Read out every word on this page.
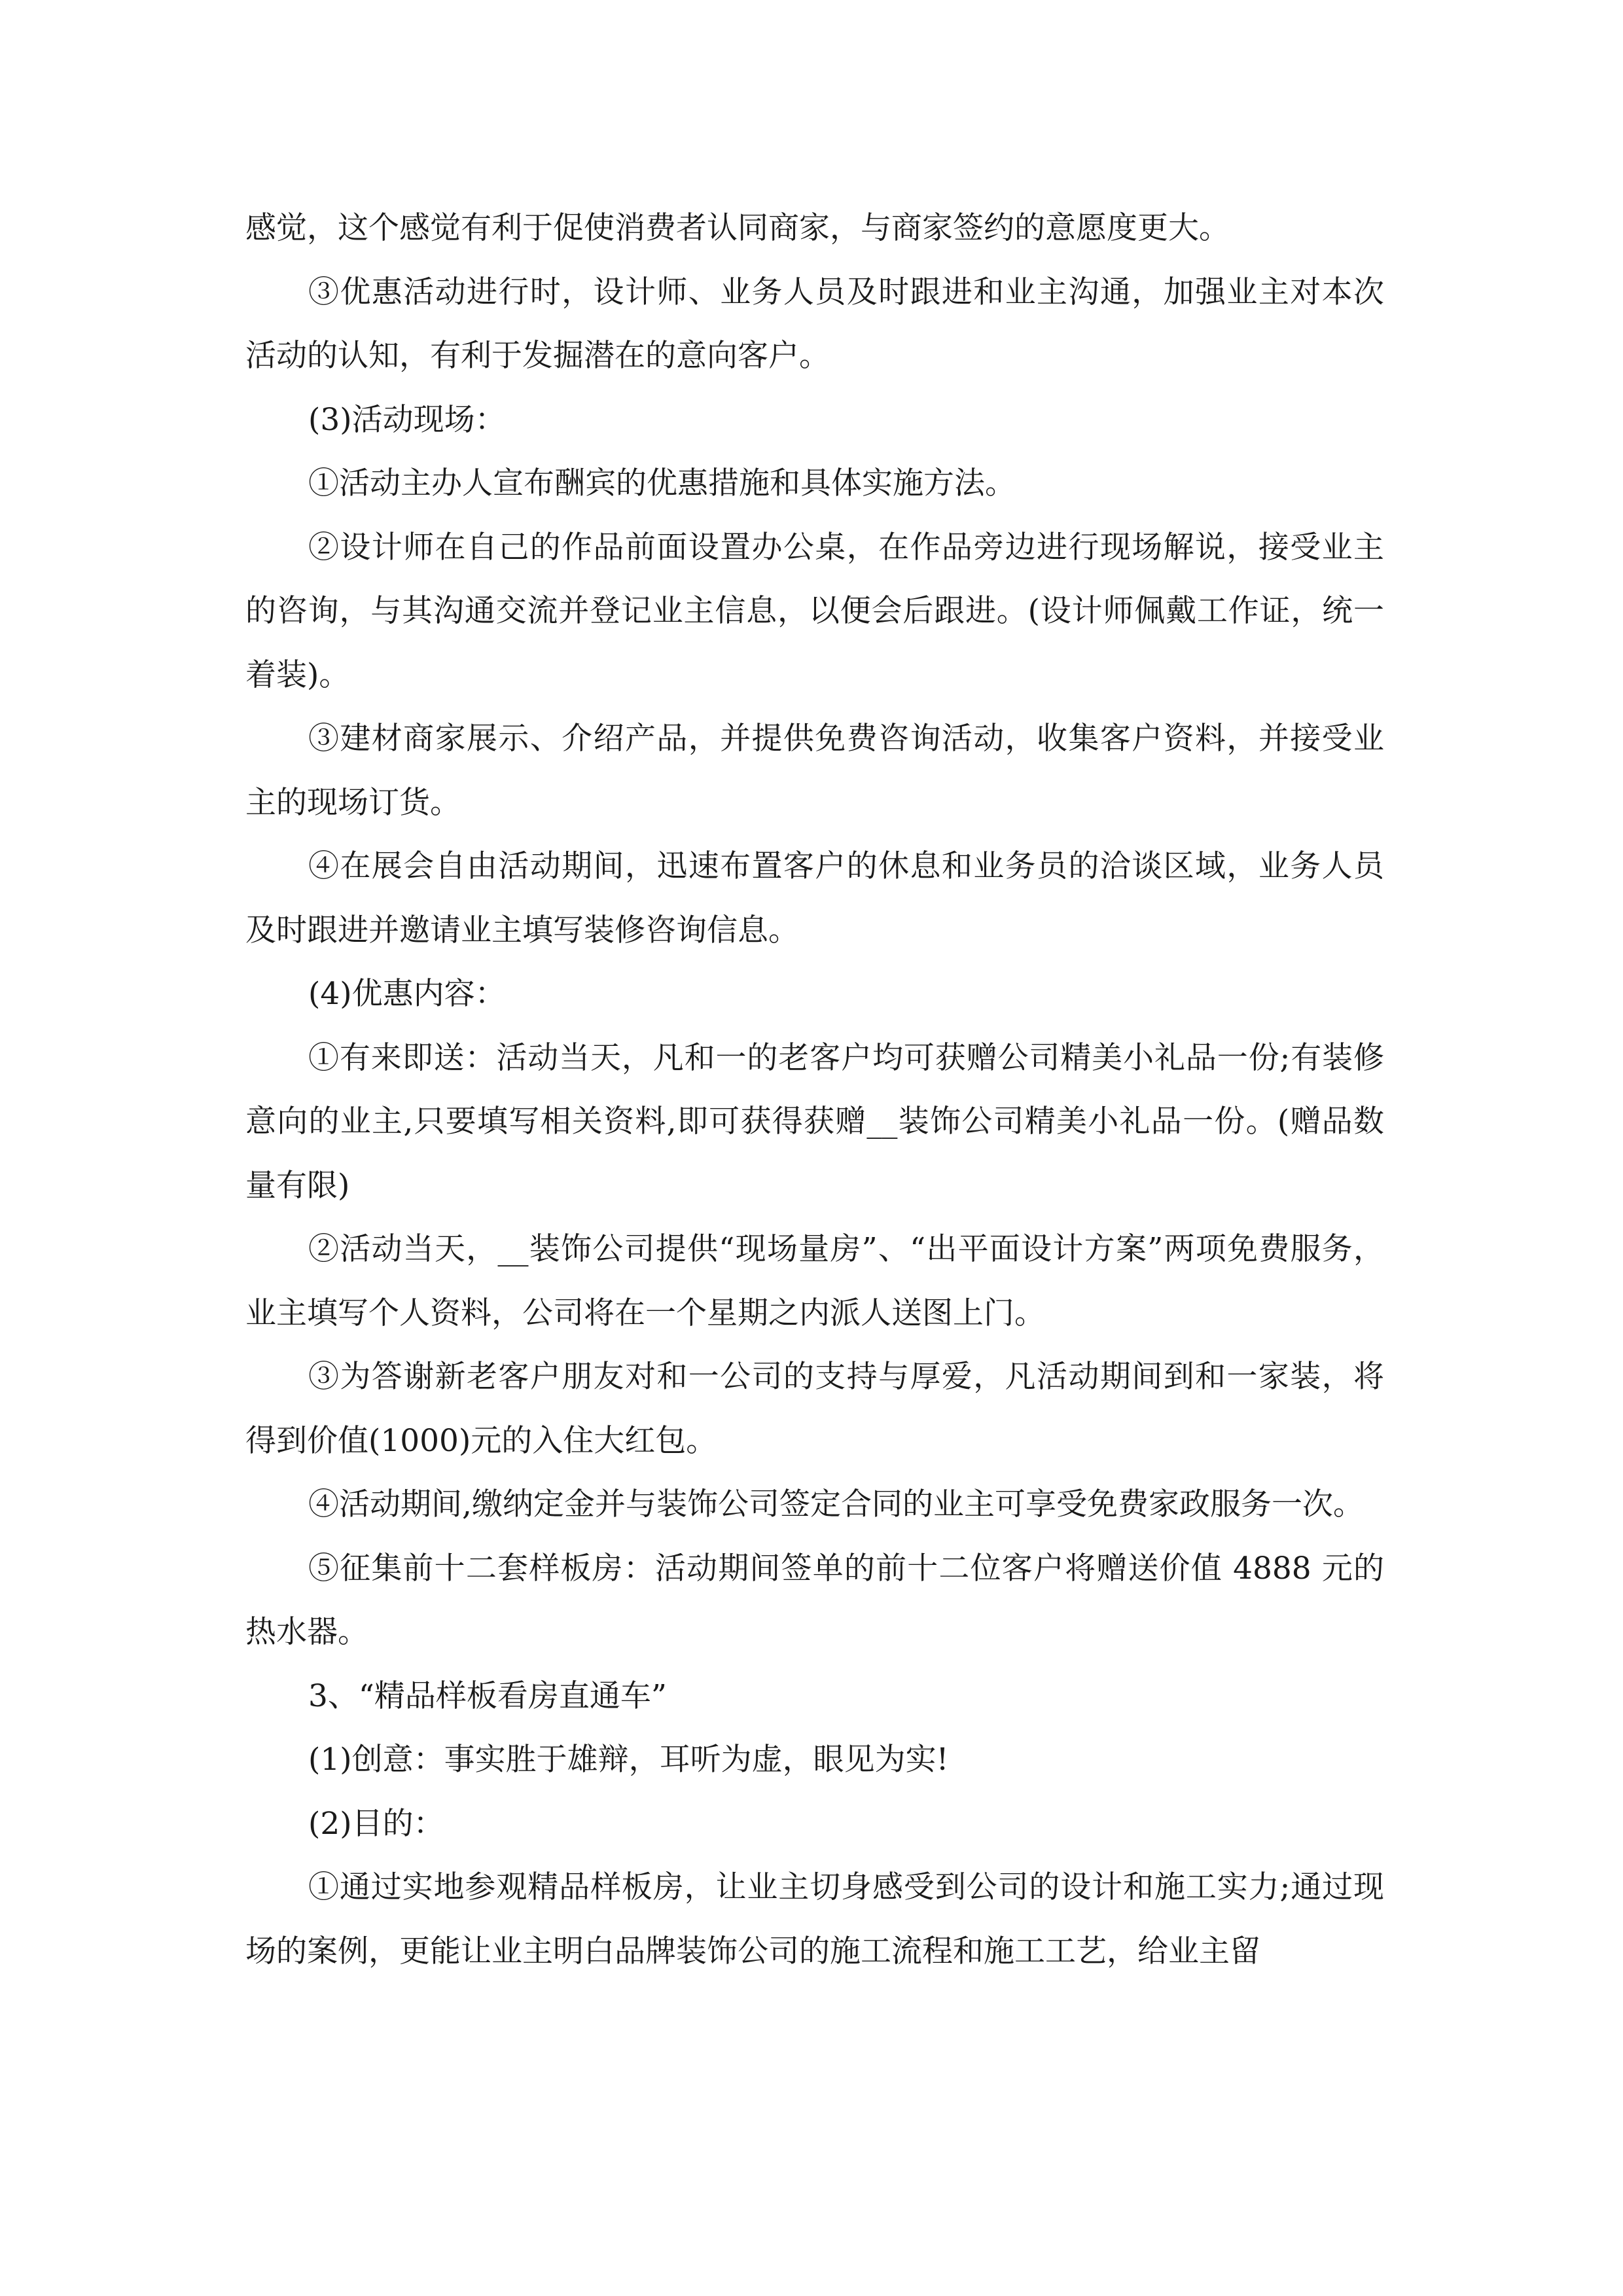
感觉，这个感觉有利于促使消费者认同商家，与商家签约的意愿度更大。

③优惠活动进行时，设计师、业务人员及时跟进和业主沟通，加强业主对本次活动的认知，有利于发掘潜在的意向客户。

(3)活动现场：

①活动主办人宣布酬宾的优惠措施和具体实施方法。

②设计师在自己的作品前面设置办公桌，在作品旁边进行现场解说，接受业主的咨询，与其沟通交流并登记业主信息，以便会后跟进。(设计师佩戴工作证，统一着装)。

③建材商家展示、介绍产品，并提供免费咨询活动，收集客户资料，并接受业主的现场订货。

④在展会自由活动期间，迅速布置客户的休息和业务员的洽谈区域，业务人员及时跟进并邀请业主填写装修咨询信息。

(4)优惠内容：

①有来即送：活动当天，凡和一的老客户均可获赠公司精美小礼品一份;有装修意向的业主,只要填写相关资料,即可获得获赠__装饰公司精美小礼品一份。(赠品数量有限)

②活动当天，__装饰公司提供“现场量房”、“出平面设计方案”两项免费服务，业主填写个人资料，公司将在一个星期之内派人送图上门。

③为答谢新老客户朋友对和一公司的支持与厚爱，凡活动期间到和一家装，将得到价值(1000)元的入住大红包。

④活动期间,缴纳定金并与装饰公司签定合同的业主可享受免费家政服务一次。

⑤征集前十二套样板房：活动期间签单的前十二位客户将赠送价值 4888 元的热水器。

3、“精品样板看房直通车”

(1)创意：事实胜于雄辩，耳听为虚，眼见为实!

(2)目的：

①通过实地参观精品样板房，让业主切身感受到公司的设计和施工实力;通过现场的案例，更能让业主明白品牌装饰公司的施工流程和施工工艺，给业主留
